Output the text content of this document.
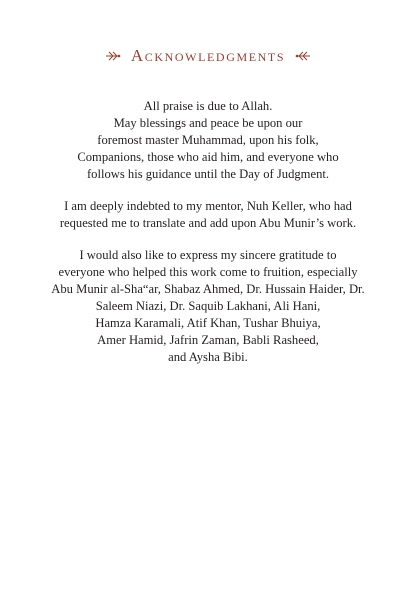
Acknowledgments

All praise is due to Allah.
May blessings and peace be upon our
foremost master Muhammad, upon his folk,
Companions, those who aid him, and everyone who
follows his guidance until the Day of Judgment.

I am deeply indebted to my mentor, Nuh Keller, who had
requested me to translate and add upon Abu Munir’s work.

I would also like to express my sincere gratitude to
everyone who helped this work come to fruition, especially
Abu Munir al-Sha“ar, Shabaz Ahmed, Dr. Hussain Haider, Dr.
Saleem Niazi, Dr. Saquib Lakhani, Ali Hani,
Hamza Karamali, Atif Khan, Tushar Bhuiya,
Amer Hamid, Jafrin Zaman, Babli Rasheed,
and Aysha Bibi.
